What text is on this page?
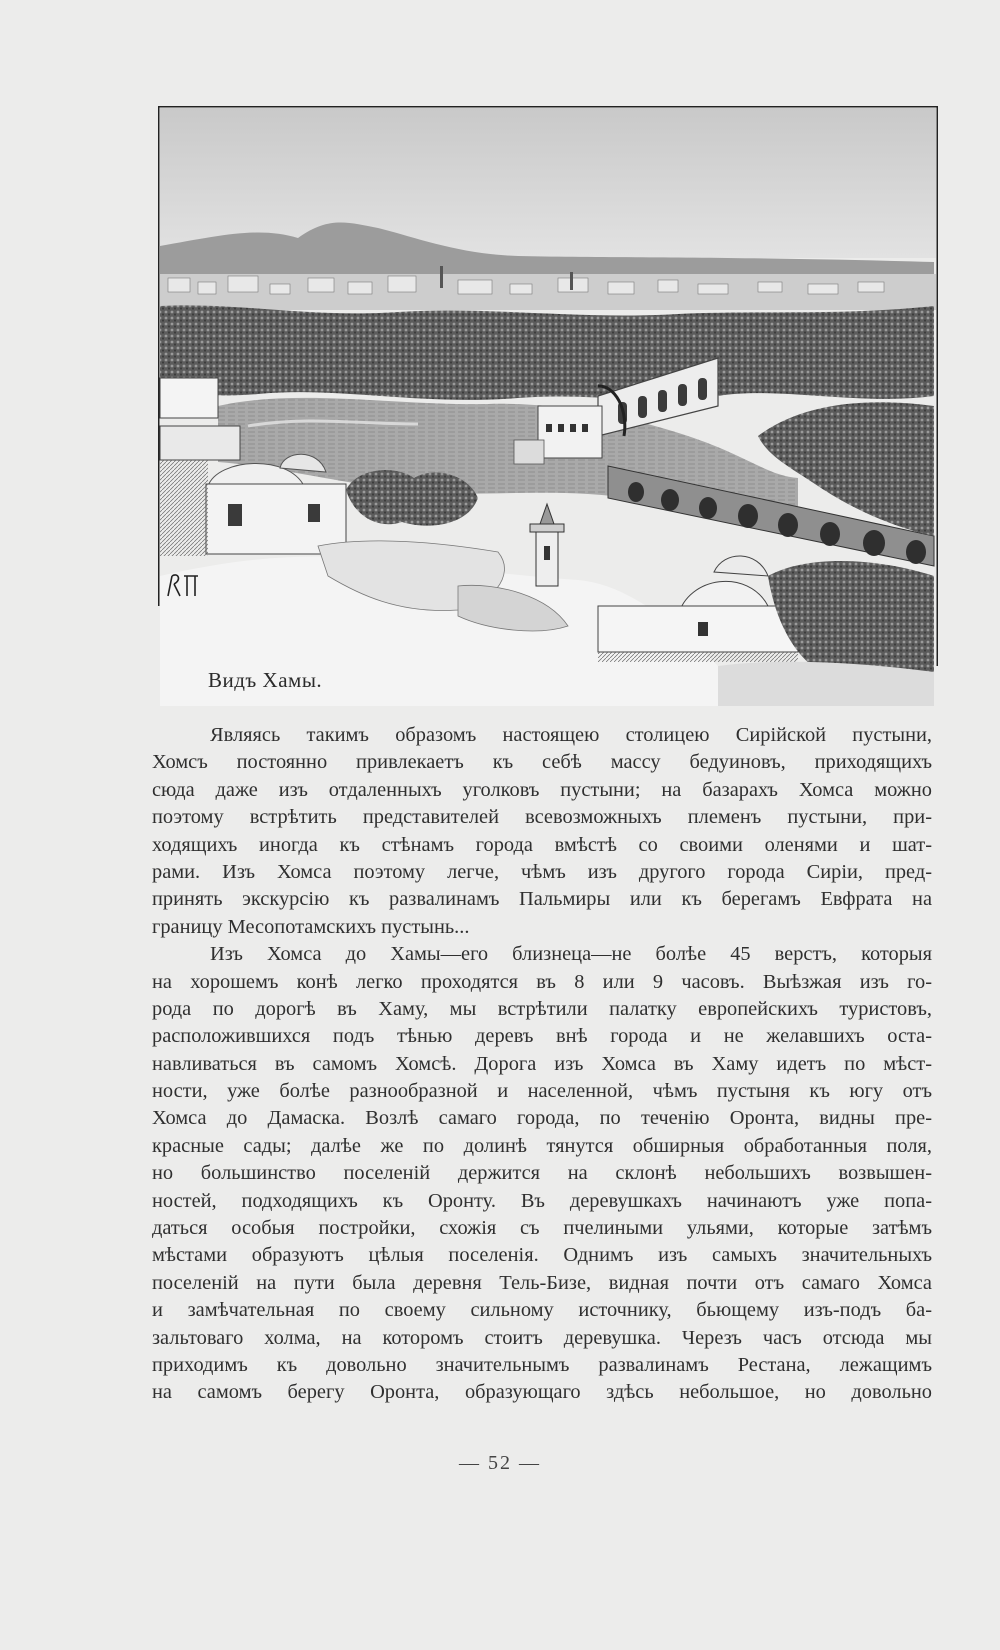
Видъ Хамы.
Являясь такимъ образомъ настоящею столицею Сирійской пустыни,
Хомсъ постоянно привлекаетъ къ себѣ массу бедуиновъ, приходящихъ
сюда даже изъ отдаленныхъ уголковъ пустыни; на базарахъ Хомса можно
поэтому встрѣтить представителей всевозможныхъ племенъ пустыни, при-
ходящихъ иногда къ стѣнамъ города вмѣстѣ со своими оленями и шат-
рами. Изъ Хомса поэтому легче, чѣмъ изъ другого города Сиріи, пред-
принять экскурсію къ развалинамъ Пальмиры или къ берегамъ Евфрата на
границу Месопотамскихъ пустынь...
Изъ Хомса до Хамы—его близнеца—не болѣе 45 верстъ, которыя
на хорошемъ конѣ легко проходятся въ 8 или 9 часовъ. Выѣзжая изъ го-
рода по дорогѣ въ Хаму, мы встрѣтили палатку европейскихъ туристовъ,
расположившихся подъ тѣнью деревъ внѣ города и не желавшихъ оста-
навливаться въ самомъ Хомсѣ. Дорога изъ Хомса въ Хаму идетъ по мѣст-
ности, уже болѣе разнообразной и населенной, чѣмъ пустыня къ югу отъ
Хомса до Дамаска. Возлѣ самаго города, по теченію Оронта, видны пре-
красные сады; далѣе же по долинѣ тянутся обширныя обработанныя поля,
но большинство поселеній держится на склонѣ небольшихъ возвышен-
ностей, подходящихъ къ Оронту. Въ деревушкахъ начинаютъ уже попа-
даться особыя постройки, схожія съ пчелиными ульями, которые затѣмъ
мѣстами образуютъ цѣлыя поселенія. Однимъ изъ самыхъ значительныхъ
поселеній на пути была деревня Тель-Бизе, видная почти отъ самаго Хомса
и замѣчательная по своему сильному источнику, бьющему изъ-подъ ба-
зальтоваго холма, на которомъ стоитъ деревушка. Черезъ часъ отсюда мы
приходимъ къ довольно значительнымъ развалинамъ Рестана, лежащимъ
на самомъ берегу Оронта, образующаго здѣсь небольшое, но довольно
— 52 —
